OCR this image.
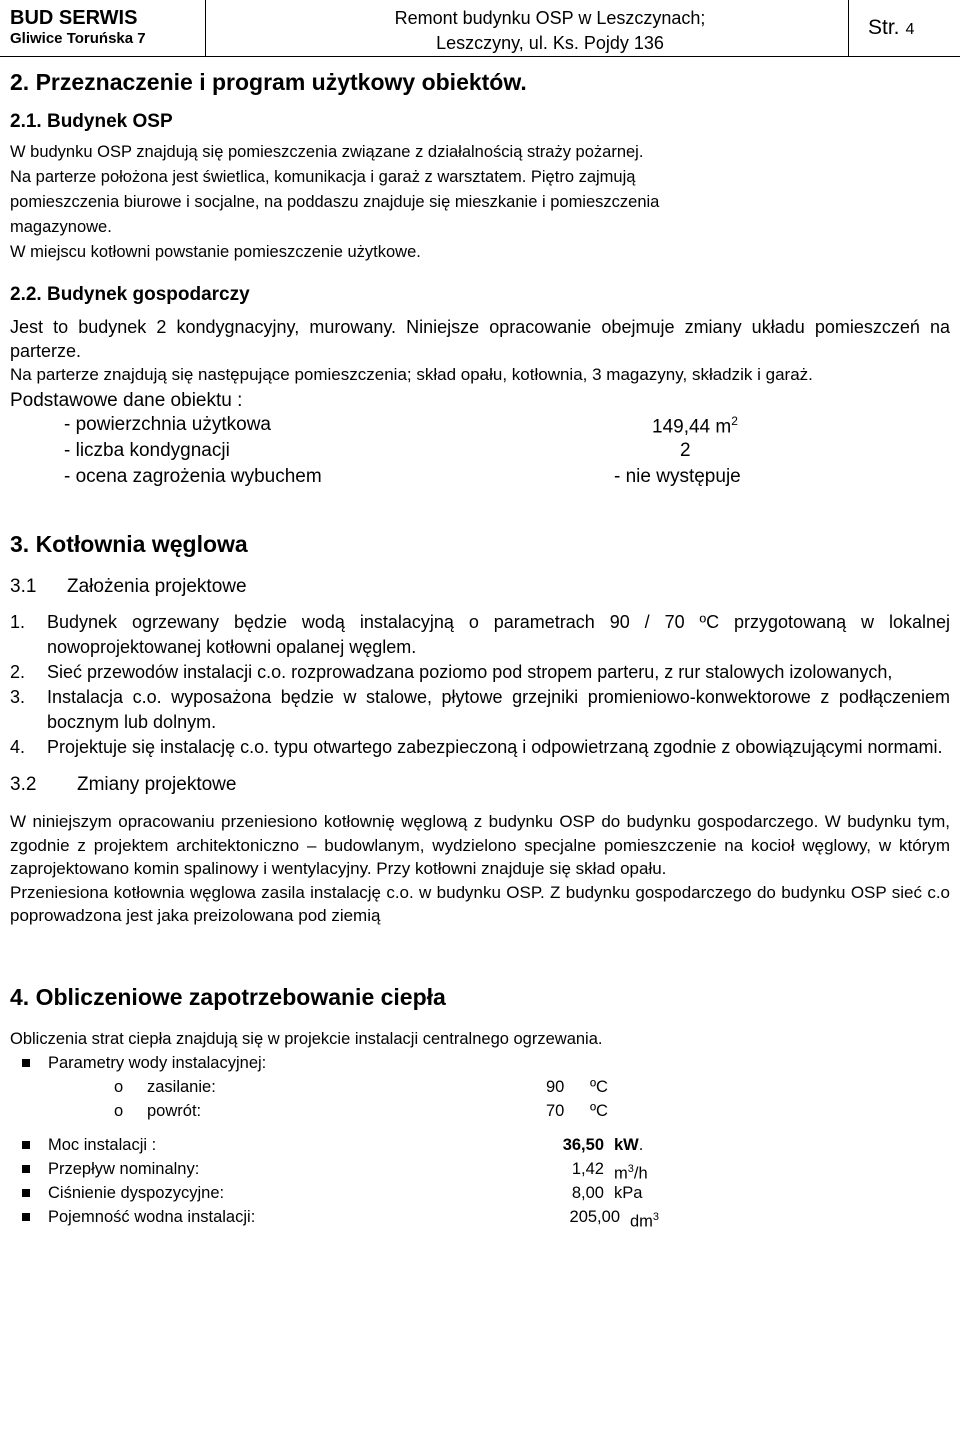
BUD SERWIS
Gliwice Toruńska 7
Remont budynku OSP w Leszczynach;
Leszczyny, ul. Ks. Pojdy 136
Str. 4
2. Przeznaczenie i program użytkowy obiektów.
2.1. Budynek OSP

W budynku OSP znajdują się pomieszczenia związane z działalnością straży pożarnej.

Na parterze położona jest świetlica, komunikacja i garaż z warsztatem. Piętro zajmują

pomieszczenia biurowe i socjalne, na poddaszu znajduje się mieszkanie i pomieszczenia

magazynowe.

W miejscu kotłowni powstanie pomieszczenie użytkowe.

2.2. Budynek gospodarczy

Jest to budynek 2 kondygnacyjny, murowany. Niniejsze opracowanie obejmuje zmiany układu pomieszczeń na parterze.

Na parterze znajdują się następujące pomieszczenia; skład opału, kotłownia, 3 magazyny, składzik i garaż.

Podstawowe dane obiektu :

- powierzchnia użytkowa	149,44 $m^2$
- liczba kondygnacji	2
- ocena zagrożenia wybuchem	- nie występuje
3. Kotłownia węglowa
3.1 Założenia projektowe
1. Budynek ogrzewany będzie wodą instalacyjną o parametrach 90 / 70 ºC przygotowaną w lokalnej nowoprojektowanej kotłowni opalanej węglem.
2. Sieć przewodów instalacji c.o. rozprowadzana poziomo pod stropem parteru, z rur stalowych izolowanych,
3. Instalacja c.o. wyposażona będzie w stalowe, płytowe grzejniki promieniowo-konwektorowe z podłączeniem bocznym lub dolnym.
4. Projektuje się instalację c.o. typu otwartego zabezpieczoną i odpowietrzaną zgodnie z obowiązującymi normami.
3.2 Zmiany projektowe

W niniejszym opracowaniu przeniesiono kotłownię węglową z budynku OSP do budynku gospodarczego. W budynku tym, zgodnie z projektem architektoniczno – budowlanym, wydzielono specjalne pomieszczenie na kocioł węglowy, w którym zaprojektowano komin spalinowy i wentylacyjny. Przy kotłowni znajduje się skład opału.

Przeniesiona kotłownia węglowa zasila instalację c.o. w budynku OSP. Z budynku gospodarczego do budynku OSP sieć c.o poprowadzona jest jaka preizolowana pod ziemią

4. Obliczeniowe zapotrzebowanie ciepła

Obliczenia strat ciepła znajdują się w projekcie instalacji centralnego ogrzewania.

Parametry wody instalacyjnej:
o zasilanie:	90 ºC
o powrót:	70 ºC
Moc instalacji :	36,50 kW.
Przepływ nominalny:	1,42 $m^3/h$
Ciśnienie dyspozycyjne:	8,00 kPa
Pojemność wodna instalacji:	205,00 $dm^3$
